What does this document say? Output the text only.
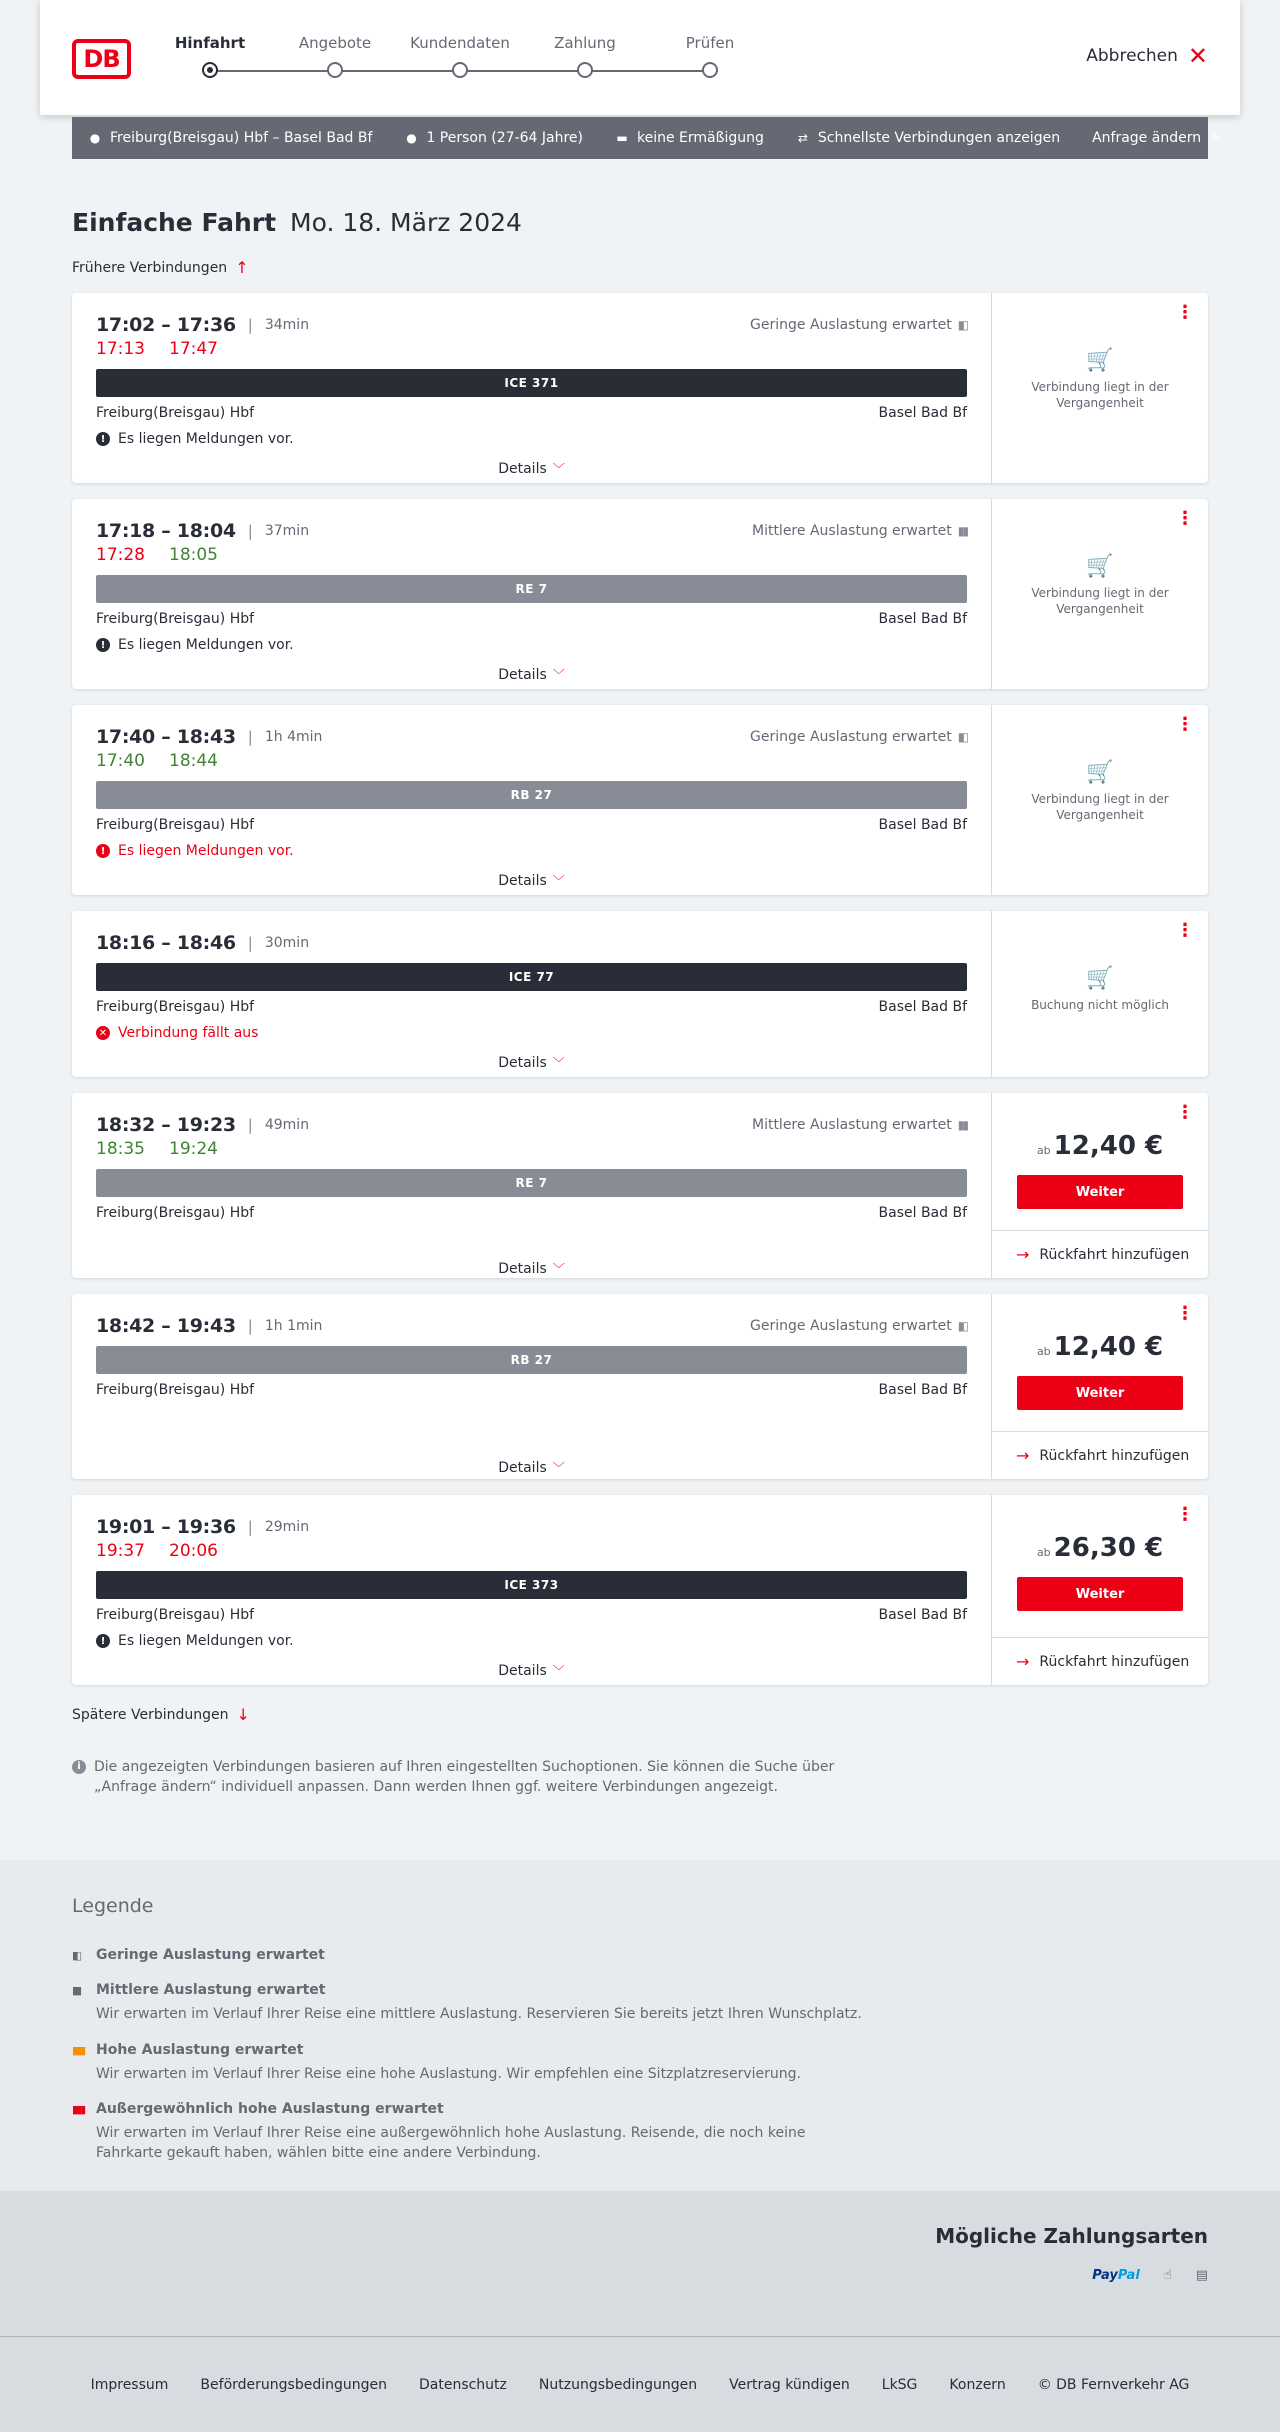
DB
Hinfahrt	Angebote	Kundendaten	Zahlung	Prüfen
Abbrechen ✕
● Freiburg(Breisgau) Hbf – Basel Bad Bf	● 1 Person (27-64 Jahre)	▬ keine Ermäßigung	⇄ Schnellste Verbindungen anzeigen Anfrage ändern ✎
Einfache Fahrt Mo. 18. März 2024
Frühere Verbindungen ↑
17:02 – 17:36 | 34min	Geringe Auslastung erwartet ▮▯
17:13 17:47
ICE 371
Freiburg(Breisgau) Hbf	Basel Bad Bf
! Es liegen Meldungen vor.
Details ﹀
⋮
🛒
Verbindung liegt in der Vergangenheit
17:18 – 18:04 | 37min	Mittlere Auslastung erwartet ▮▮
17:28 18:05
RE 7
Freiburg(Breisgau) Hbf	Basel Bad Bf
! Es liegen Meldungen vor.
Details ﹀
⋮
🛒
Verbindung liegt in der Vergangenheit
17:40 – 18:43 | 1h 4min	Geringe Auslastung erwartet ▮▯
17:40 18:44
RB 27
Freiburg(Breisgau) Hbf	Basel Bad Bf
! Es liegen Meldungen vor.
Details ﹀
⋮
🛒
Verbindung liegt in der Vergangenheit
18:16 – 18:46 | 30min
ICE 77
Freiburg(Breisgau) Hbf	Basel Bad Bf
✕ Verbindung fällt aus
Details ﹀
⋮
🛒
Buchung nicht möglich
18:32 – 19:23 | 49min	Mittlere Auslastung erwartet ▮▮
18:35 19:24
RE 7
Freiburg(Breisgau) Hbf	Basel Bad Bf
Details ﹀
⋮
ab 12,40 €
Weiter
→ Rückfahrt hinzufügen
18:42 – 19:43 | 1h 1min	Geringe Auslastung erwartet ▮▯
RB 27
Freiburg(Breisgau) Hbf	Basel Bad Bf
Details ﹀
⋮
ab 12,40 €
Weiter
→ Rückfahrt hinzufügen
19:01 – 19:36 | 29min
19:37 20:06
ICE 373
Freiburg(Breisgau) Hbf	Basel Bad Bf
! Es liegen Meldungen vor.
Details ﹀
⋮
ab 26,30 €
Weiter
→ Rückfahrt hinzufügen
Spätere Verbindungen ↓
i Die angezeigten Verbindungen basieren auf Ihren eingestellten Suchoptionen. Sie können die Suche über „Anfrage ändern“ individuell anpassen. Dann werden Ihnen ggf. weitere Verbindungen angezeigt.
Legende
▮▯	Geringe Auslastung erwartet
▮▮	Mittlere Auslastung erwartet
Wir erwarten im Verlauf Ihrer Reise eine mittlere Auslastung. Reservieren Sie bereits jetzt Ihren Wunschplatz.
▮▮▮ Hohe Auslastung erwartet
Wir erwarten im Verlauf Ihrer Reise eine hohe Auslastung. Wir empfehlen eine Sitzplatzreservierung.
▮▮▮ Außergewöhnlich hohe Auslastung erwartet
Wir erwarten im Verlauf Ihrer Reise eine außergewöhnlich hohe Auslastung. Reisende, die noch keine Fahrkarte gekauft haben, wählen bitte eine andere Verbindung.
Mögliche Zahlungsarten
PayPal ☝ ▤
Impressum Beförderungsbedingungen Datenschutz Nutzungsbedingungen Vertrag kündigen LkSG Konzern © DB Fernverkehr AG
